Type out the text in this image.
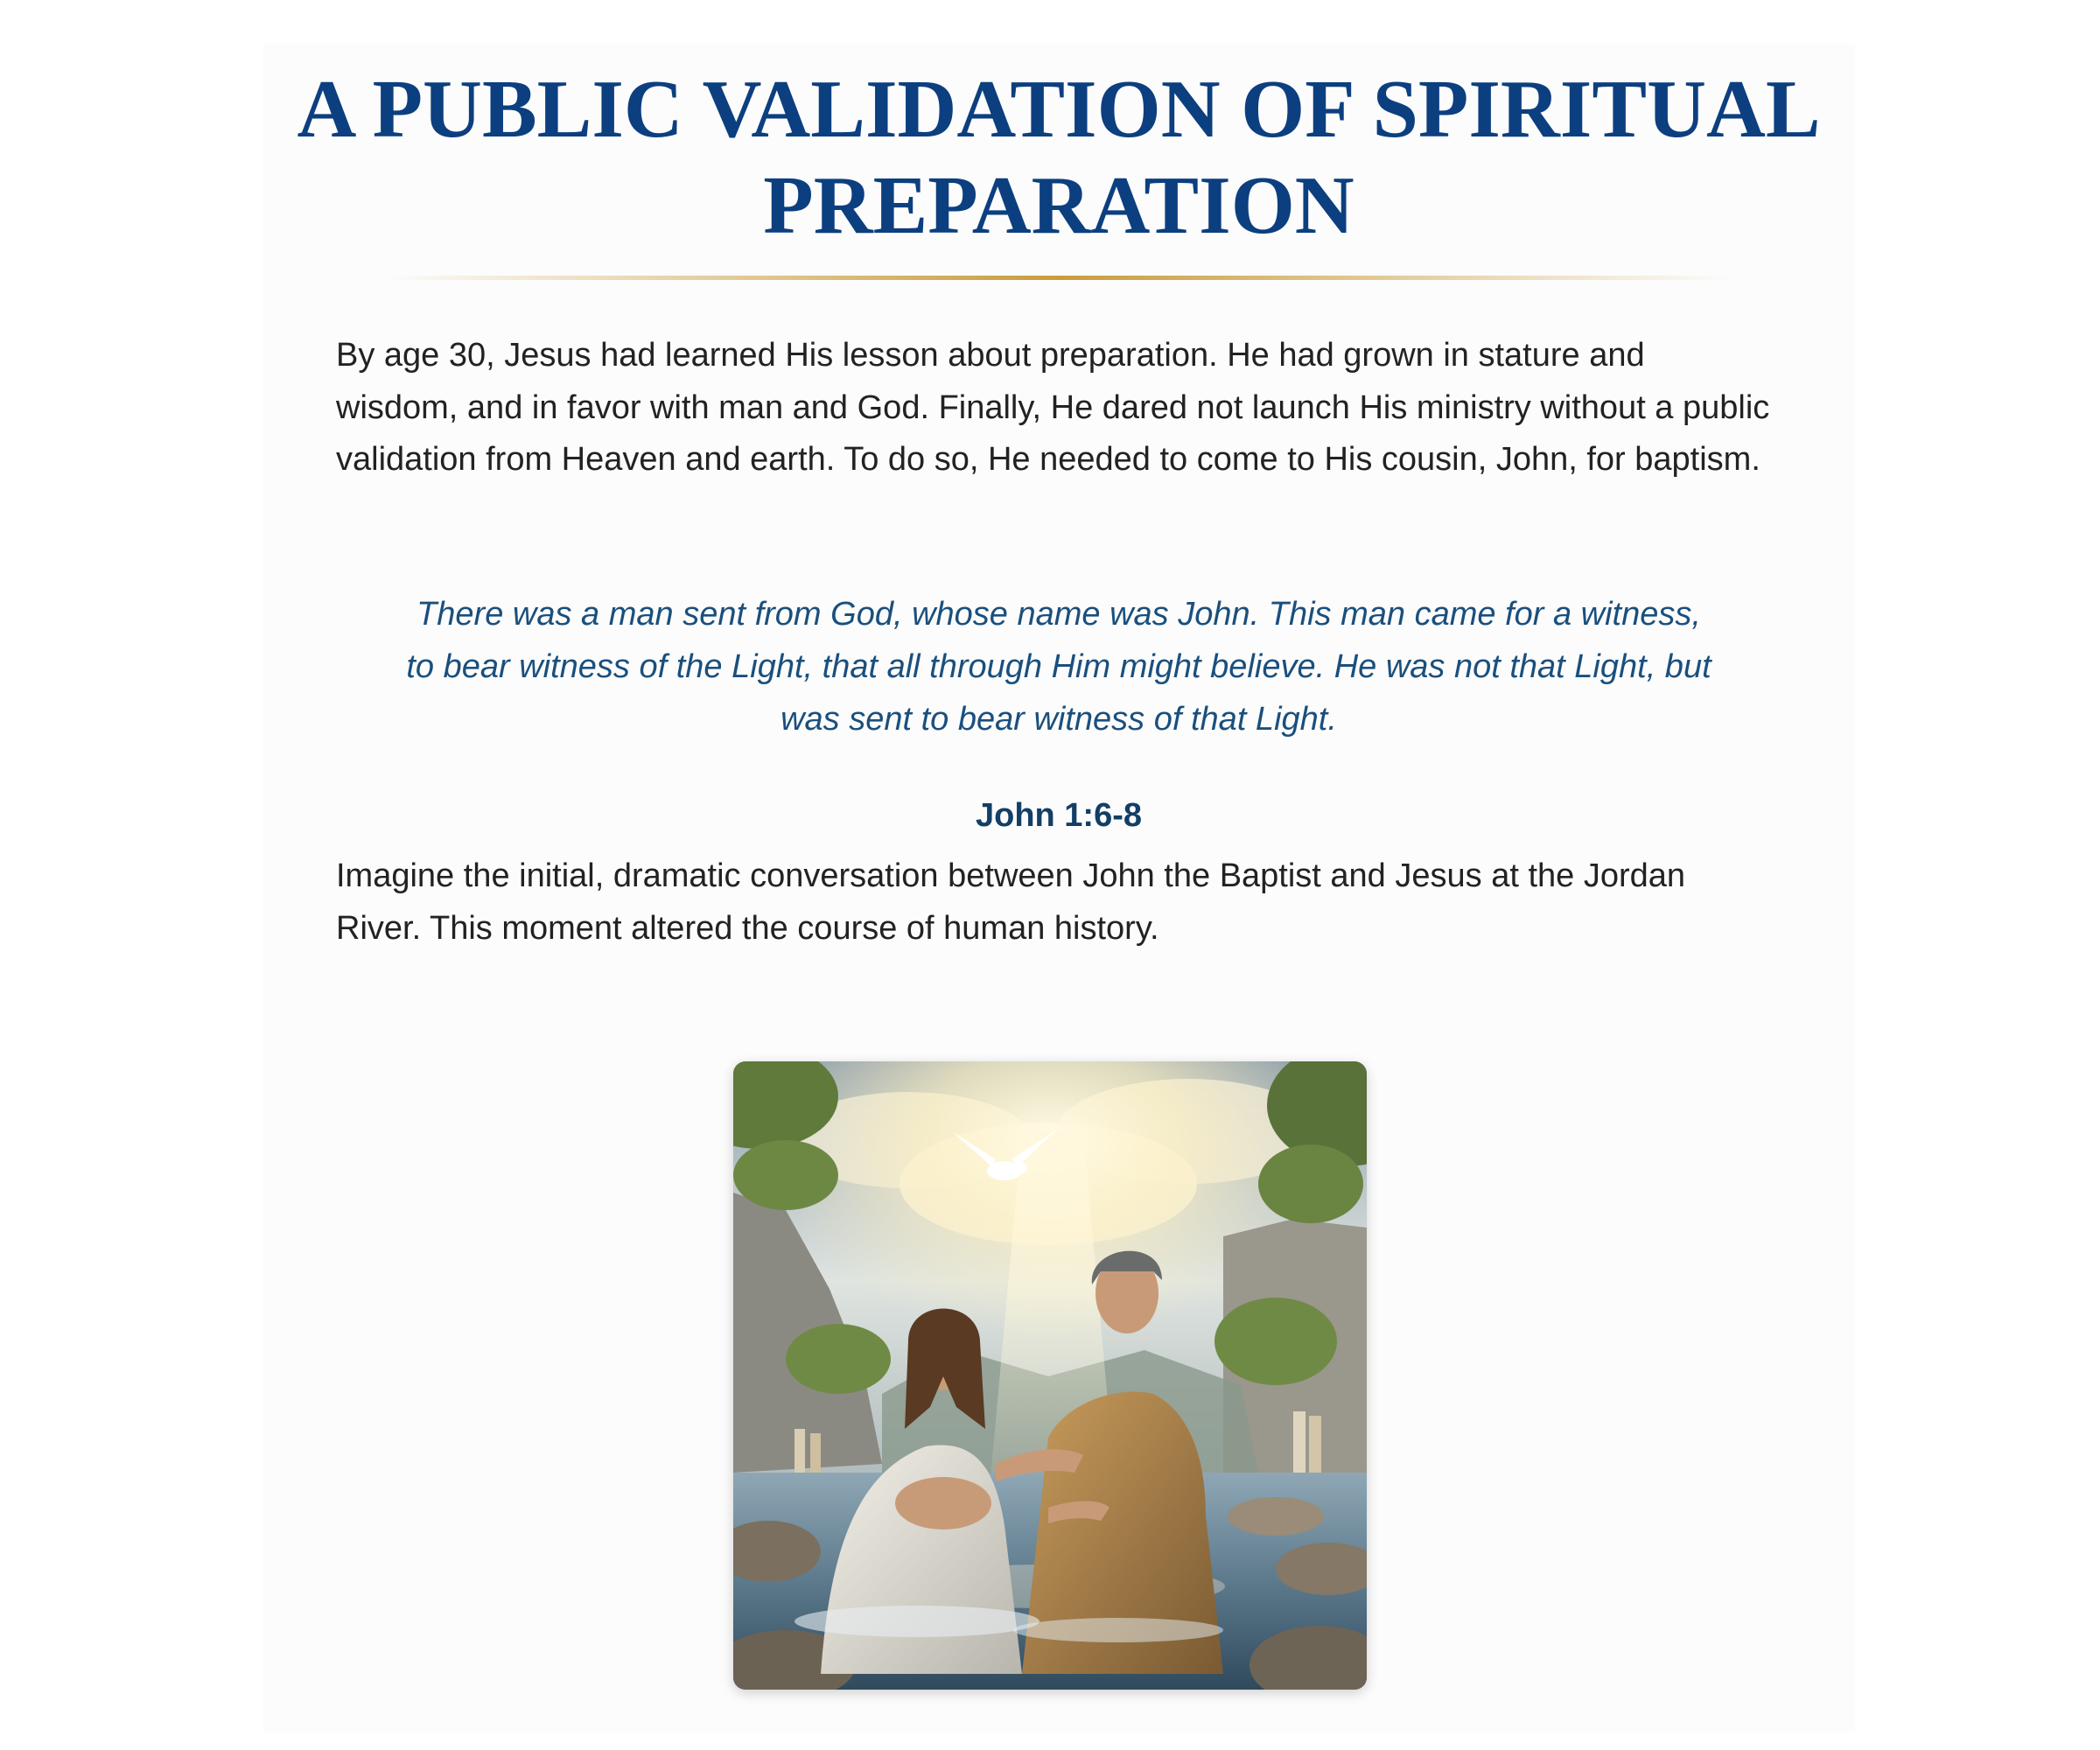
A PUBLIC VALIDATION OF SPIRITUAL PREPARATION

By age 30, Jesus had learned His lesson about preparation. He had grown in stature and wisdom, and in favor with man and God. Finally, He dared not launch His ministry without a public validation from Heaven and earth. To do so, He needed to come to His cousin, John, for baptism.

There was a man sent from God, whose name was John. This man came for a witness, to bear witness of the Light, that all through Him might believe. He was not that Light, but was sent to bear witness of that Light.

John 1:6-8

Imagine the initial, dramatic conversation between John the Baptist and Jesus at the Jordan River. This moment altered the course of human history.
